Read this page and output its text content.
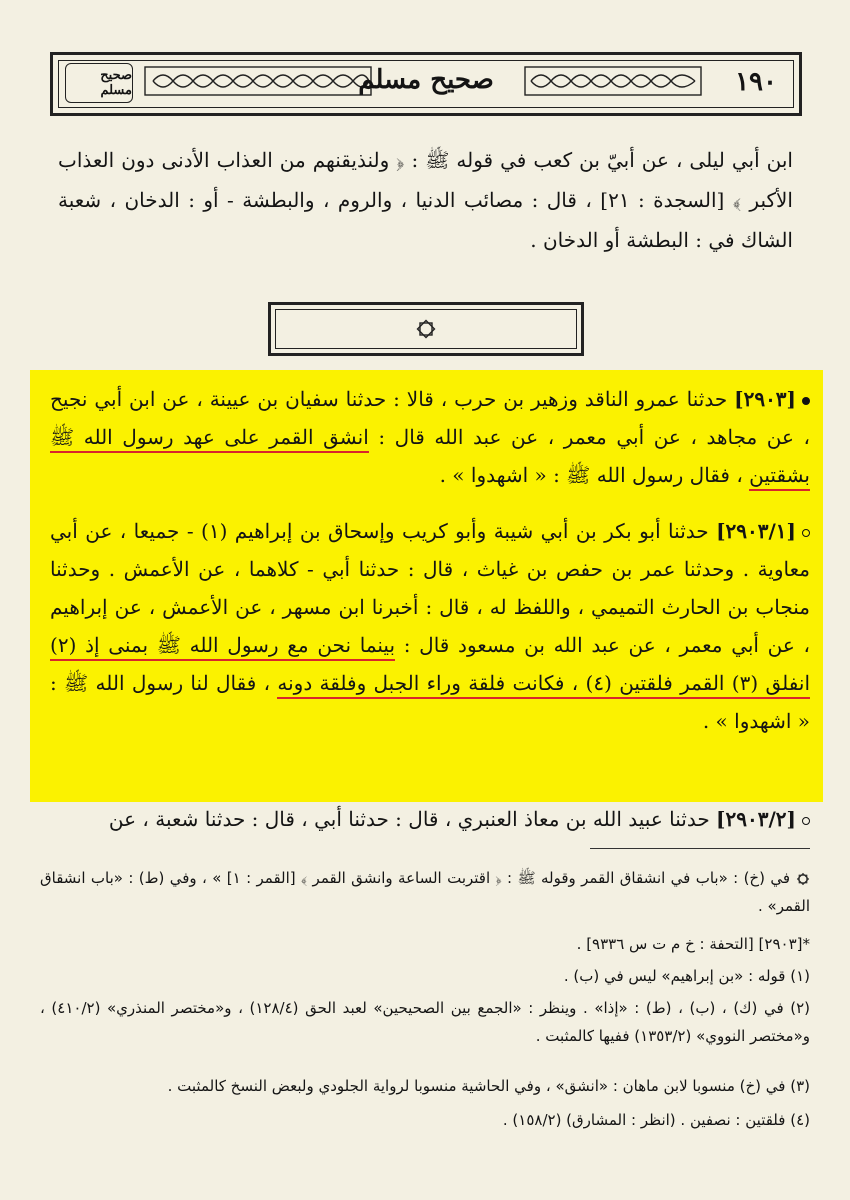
صحيح مسلم	صحيح مسلم	١٩٠
ابن أبي ليلى ، عن أبيّ بن كعب في قوله ﷺ : ﴿ ولنذيقنهم من العذاب الأدنى دون العذاب الأكبر ﴾ [السجدة : ٢١] ، قال : مصائب الدنيا ، والروم ، والبطشة - أو : الدخان ، شعبة الشاك في : البطشة أو الدخان .
[٢٩٠٣] حدثنا عمرو الناقد وزهير بن حرب ، قالا : حدثنا سفيان بن عيينة ، عن ابن أبي نجيح ، عن مجاهد ، عن أبي معمر ، عن عبد الله قال : انشق القمر على عهد رسول الله ﷺ بشقتين ، فقال رسول الله ﷺ : « اشهدوا » .
[٢٩٠٣/١] حدثنا أبو بكر بن أبي شيبة وأبو كريب وإسحاق بن إبراهيم (١) - جميعا ، عن أبي معاوية . وحدثنا عمر بن حفص بن غياث ، قال : حدثنا أبي - كلاهما ، عن الأعمش . وحدثنا منجاب بن الحارث التميمي ، واللفظ له ، قال : أخبرنا ابن مسهر ، عن الأعمش ، عن إبراهيم ، عن أبي معمر ، عن عبد الله بن مسعود قال : بينما نحن مع رسول الله ﷺ بمنى إذ (٢) انفلق (٣) القمر فلقتين (٤) ، فكانت فلقة وراء الجبل وفلقة دونه ، فقال لنا رسول الله ﷺ : « اشهدوا » .
[٢٩٠٣/٢] حدثنا عبيد الله بن معاذ العنبري ، قال : حدثنا أبي ، قال : حدثنا شعبة ، عن
في (خ) : «باب في انشقاق القمر وقوله ﷺ : ﴿ اقتربت الساعة وانشق القمر ﴾ [القمر : ١] » ، وفي (ط) : «باب انشقاق القمر» .
*[٢٩٠٣] [التحفة : خ م ت س ٩٣٣٦] .
(١) قوله : «بن إبراهيم» ليس في (ب) .
(٢) في (ك) ، (ب) ، (ط) : «إذا» . وينظر : «الجمع بين الصحيحين» لعبد الحق (١٢٨/٤) ، و«مختصر المنذري» (٤١٠/٢) ، و«مختصر النووي» (١٣٥٣/٢) ففيها كالمثبت .
(٣) في (خ) منسوبا لابن ماهان : «انشق» ، وفي الحاشية منسوبا لرواية الجلودي ولبعض النسخ كالمثبت .
(٤) فلقتين : نصفين . (انظر : المشارق) (١٥٨/٢) .
